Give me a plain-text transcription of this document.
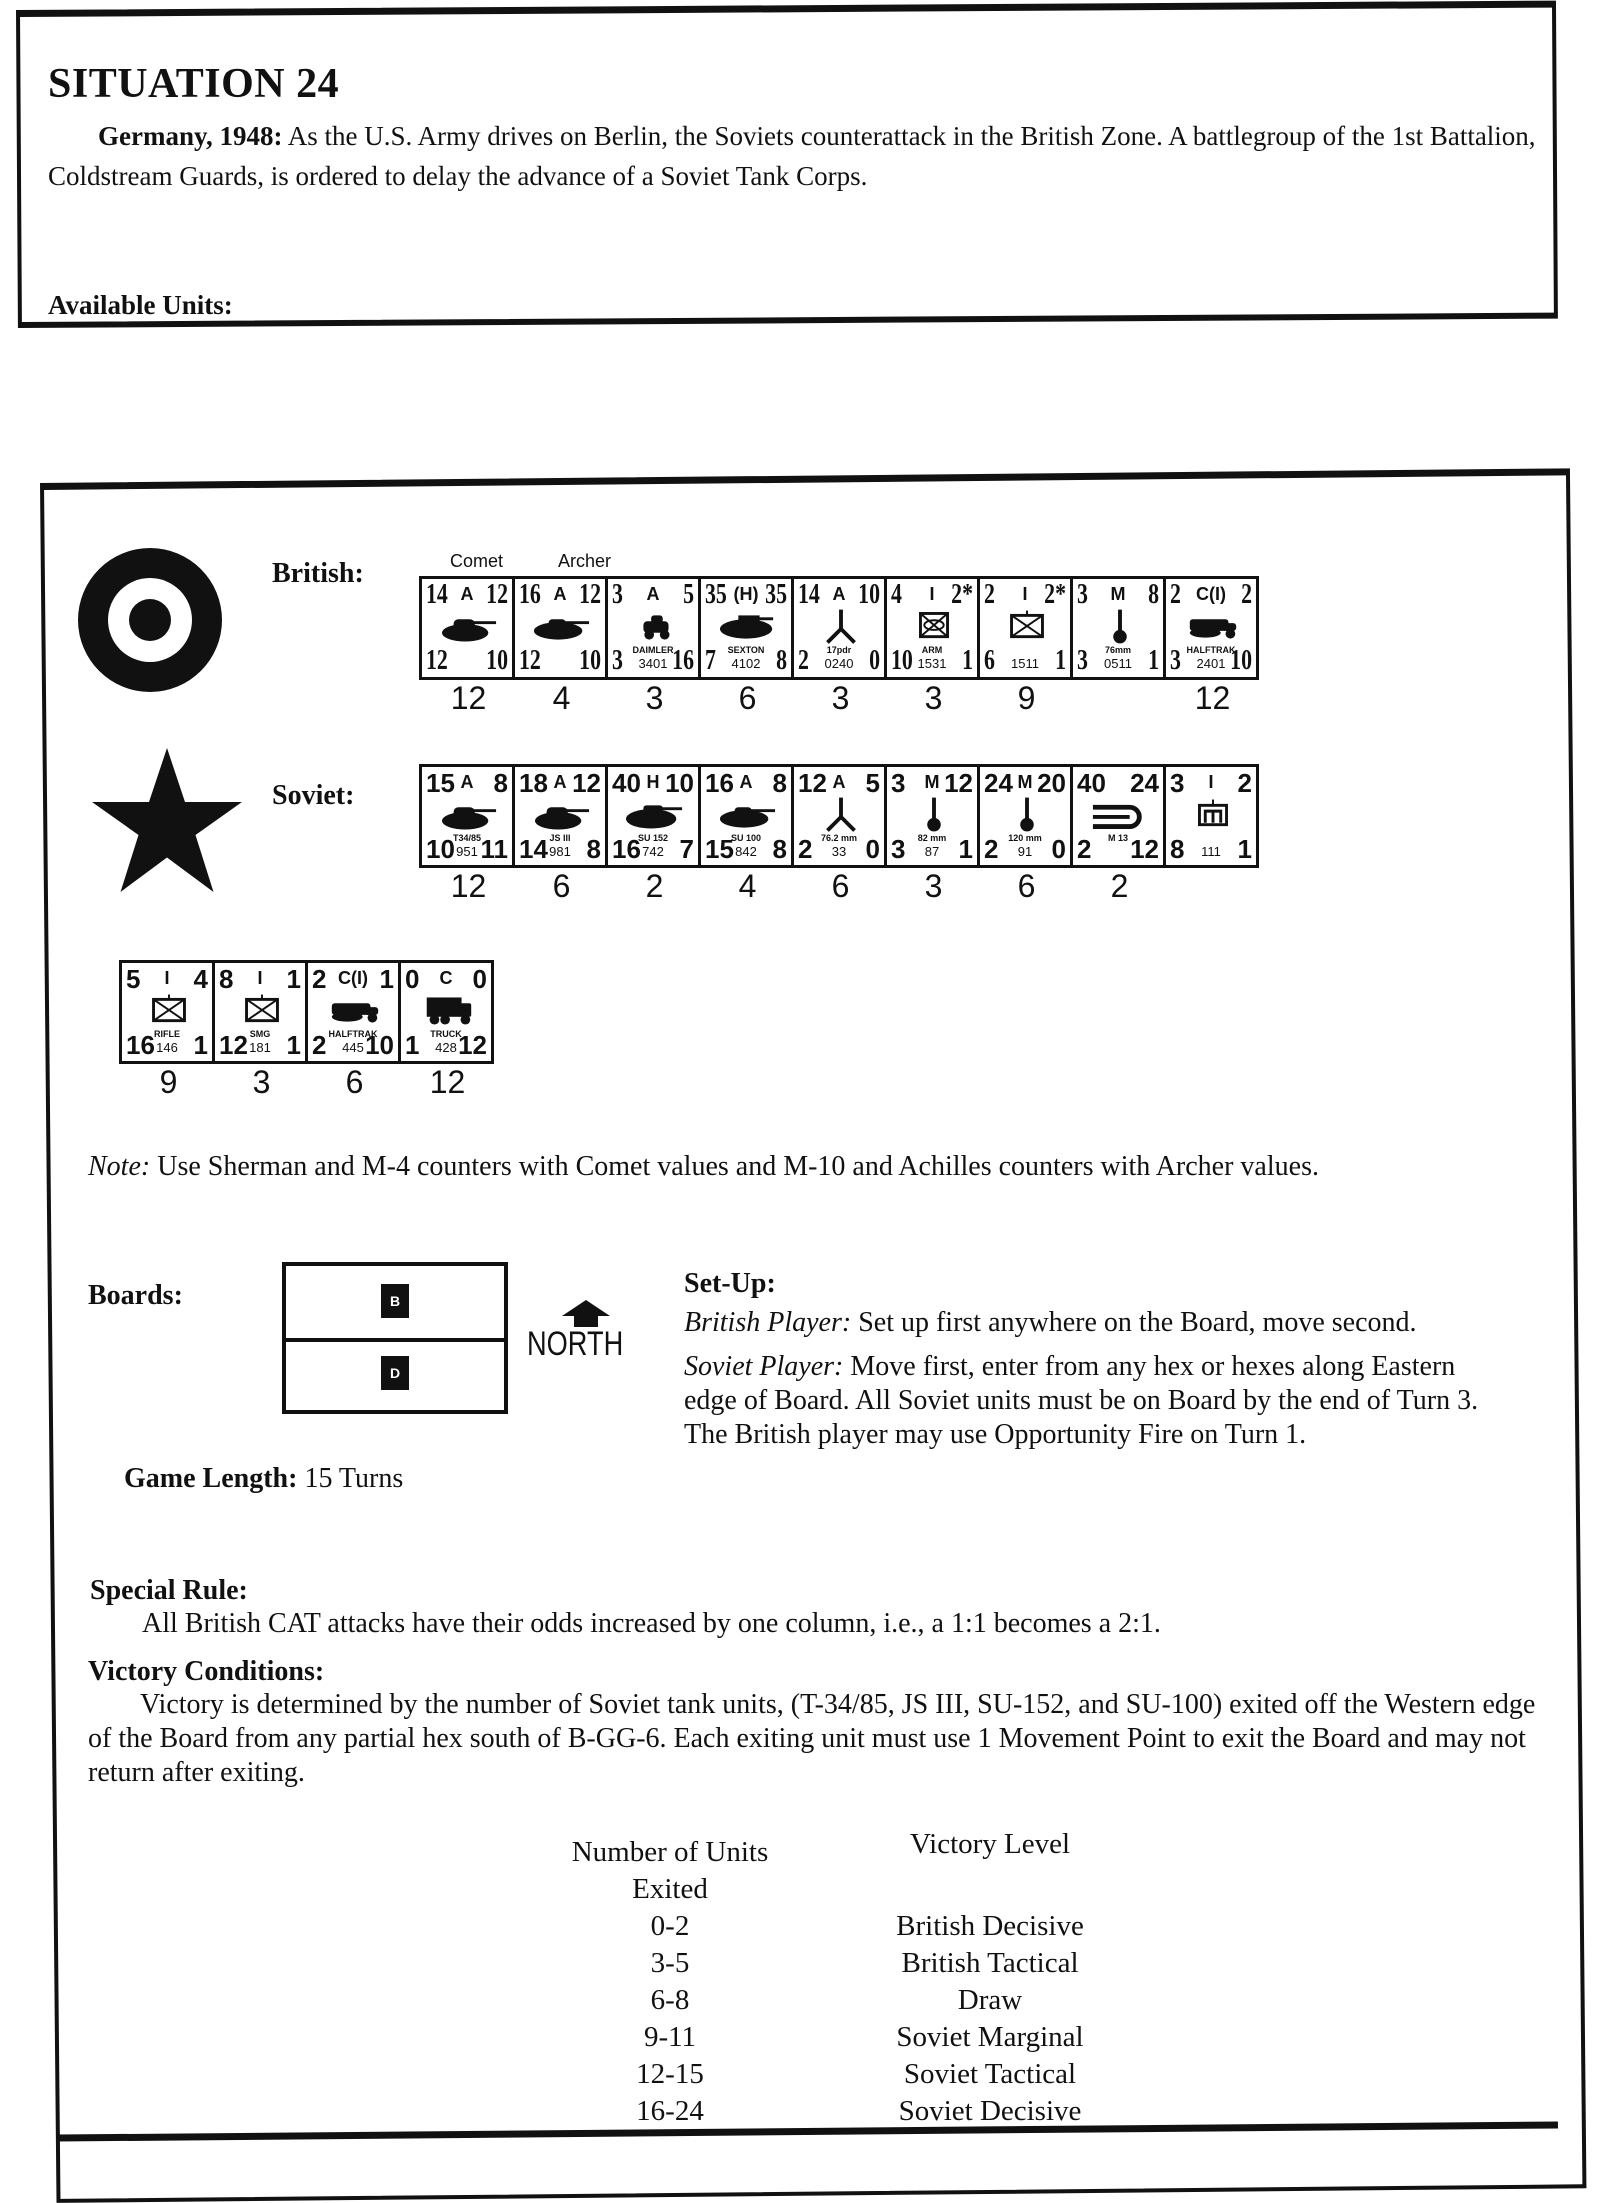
SITUATION 24
Germany, 1948: As the U.S. Army drives on Berlin, the Soviets counterattack in the British Zone. A battlegroup of the 1st Battalion, Coldstream Guards, is ordered to delay the advance of a Soviet Tank Corps.
Available Units:
British:	Comet	Archer
14 A 12
12 10
16 A 12
12 10
3	A 5
DAIMLER
3401
3 16
35 (H) 35
SEXTON
4102
7 8
14 A 10
17pdr
0240
2 0
4	I 2*
ARM
1531
10 1
2	I 2*
1511
6 1
3	M 8
76mm
0511
3 1
2 C(I) 2
HALFTRAK
2401
3 10
12	4	3	6	3	3	9	12
Soviet:	15 A 8
T34/85
951
10 11
18 A 12
JS III
981
14 8
40 H 10
SU 152
742
16 7
16 A 8
SU 100
842
15 8
12 A 5
76.2 mm
33
2 0
3	M 12
82 mm
87
3 1
24 M 20
120 mm
91
2 0
40 24
M 13
2 12
3	I 2
111
8 1
12	6	2	4	6	3	6	2
5	I 4
RIFLE
146
16 1
8	I 1
SMG
181
12 1
2 C(I) 1
HALFTRAK
445
2 10
0	C 0
TRUCK
428
1 12
9	3	6	12
Note: Use Sherman and M-4 counters with Comet values and M-10 and Achilles counters with Archer values.
Boards:	B
D
NORTH
Game Length: 15 Turns
Set-Up:
British Player: Set up first anywhere on the Board, move second.
Soviet Player: Move first, enter from any hex or hexes along Eastern edge of Board. All Soviet units must be on Board by the end of Turn 3. The British player may use Opportunity Fire on Turn 1.
Special Rule:
All British CAT attacks have their odds increased by one column, i.e., a 1:1 becomes a 2:1.
Victory Conditions:
Victory is determined by the number of Soviet tank units, (T-34/85, JS III, SU-152, and SU-100) exited off the Western edge of the Board from any partial hex south of B-GG-6. Each exiting unit must use 1 Movement Point to exit the Board and may not return after exiting.
Number of Units	Victory Level
Exited
0-2	British Decisive
3-5	British Tactical
6-8	Draw
9-11	Soviet Marginal
12-15	Soviet Tactical
16-24	Soviet Decisive
